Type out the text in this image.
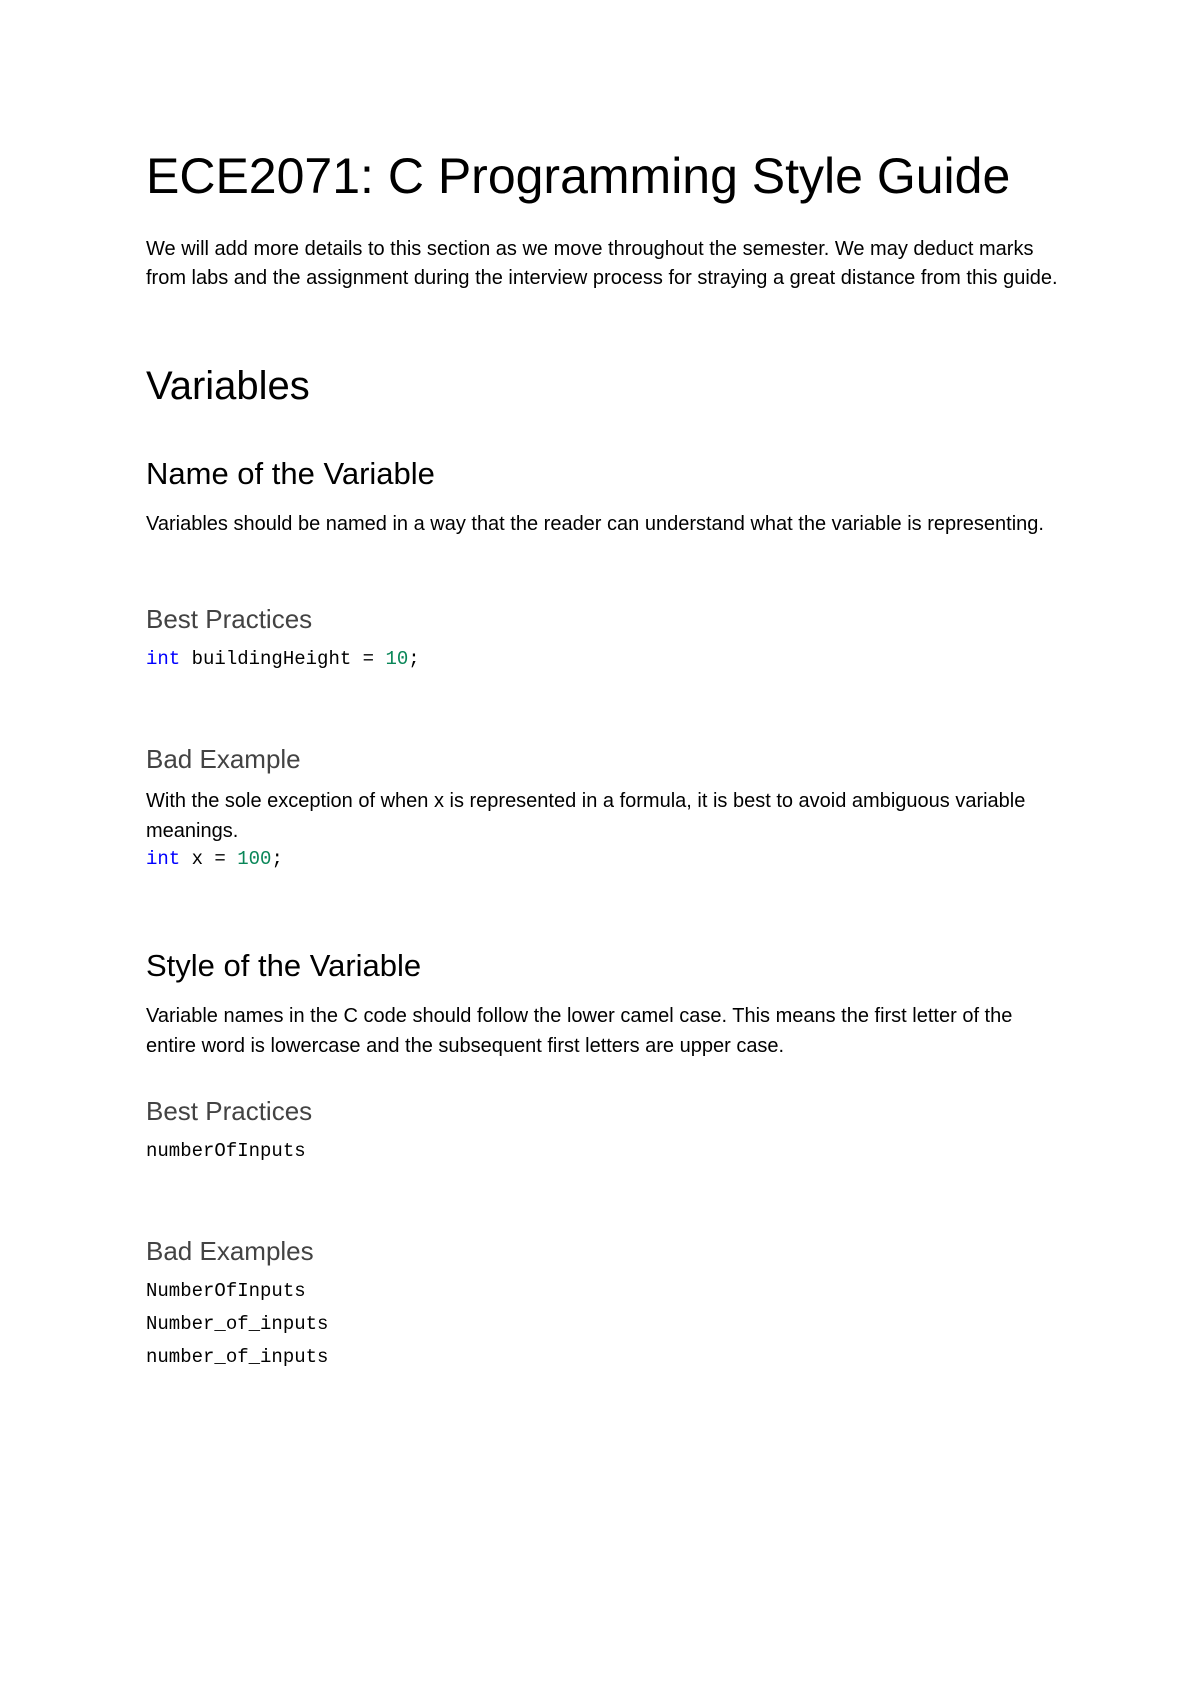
ECE2071: C Programming Style Guide

We will add more details to this section as we move throughout the semester. We may deduct marks from labs and the assignment during the interview process for straying a great distance from this guide.

Variables
Name of the Variable

Variables should be named in a way that the reader can understand what the variable is representing.

Best Practices
int buildingHeight = 10;
Bad Example

With the sole exception of when x is represented in a formula, it is best to avoid ambiguous variable meanings.

int x = 100;
Style of the Variable

Variable names in the C code should follow the lower camel case. This means the first letter of the entire word is lowercase and the subsequent first letters are upper case.

Best Practices
numberOfInputs
Bad Examples
NumberOfInputs
Number_of_inputs
number_of_inputs
